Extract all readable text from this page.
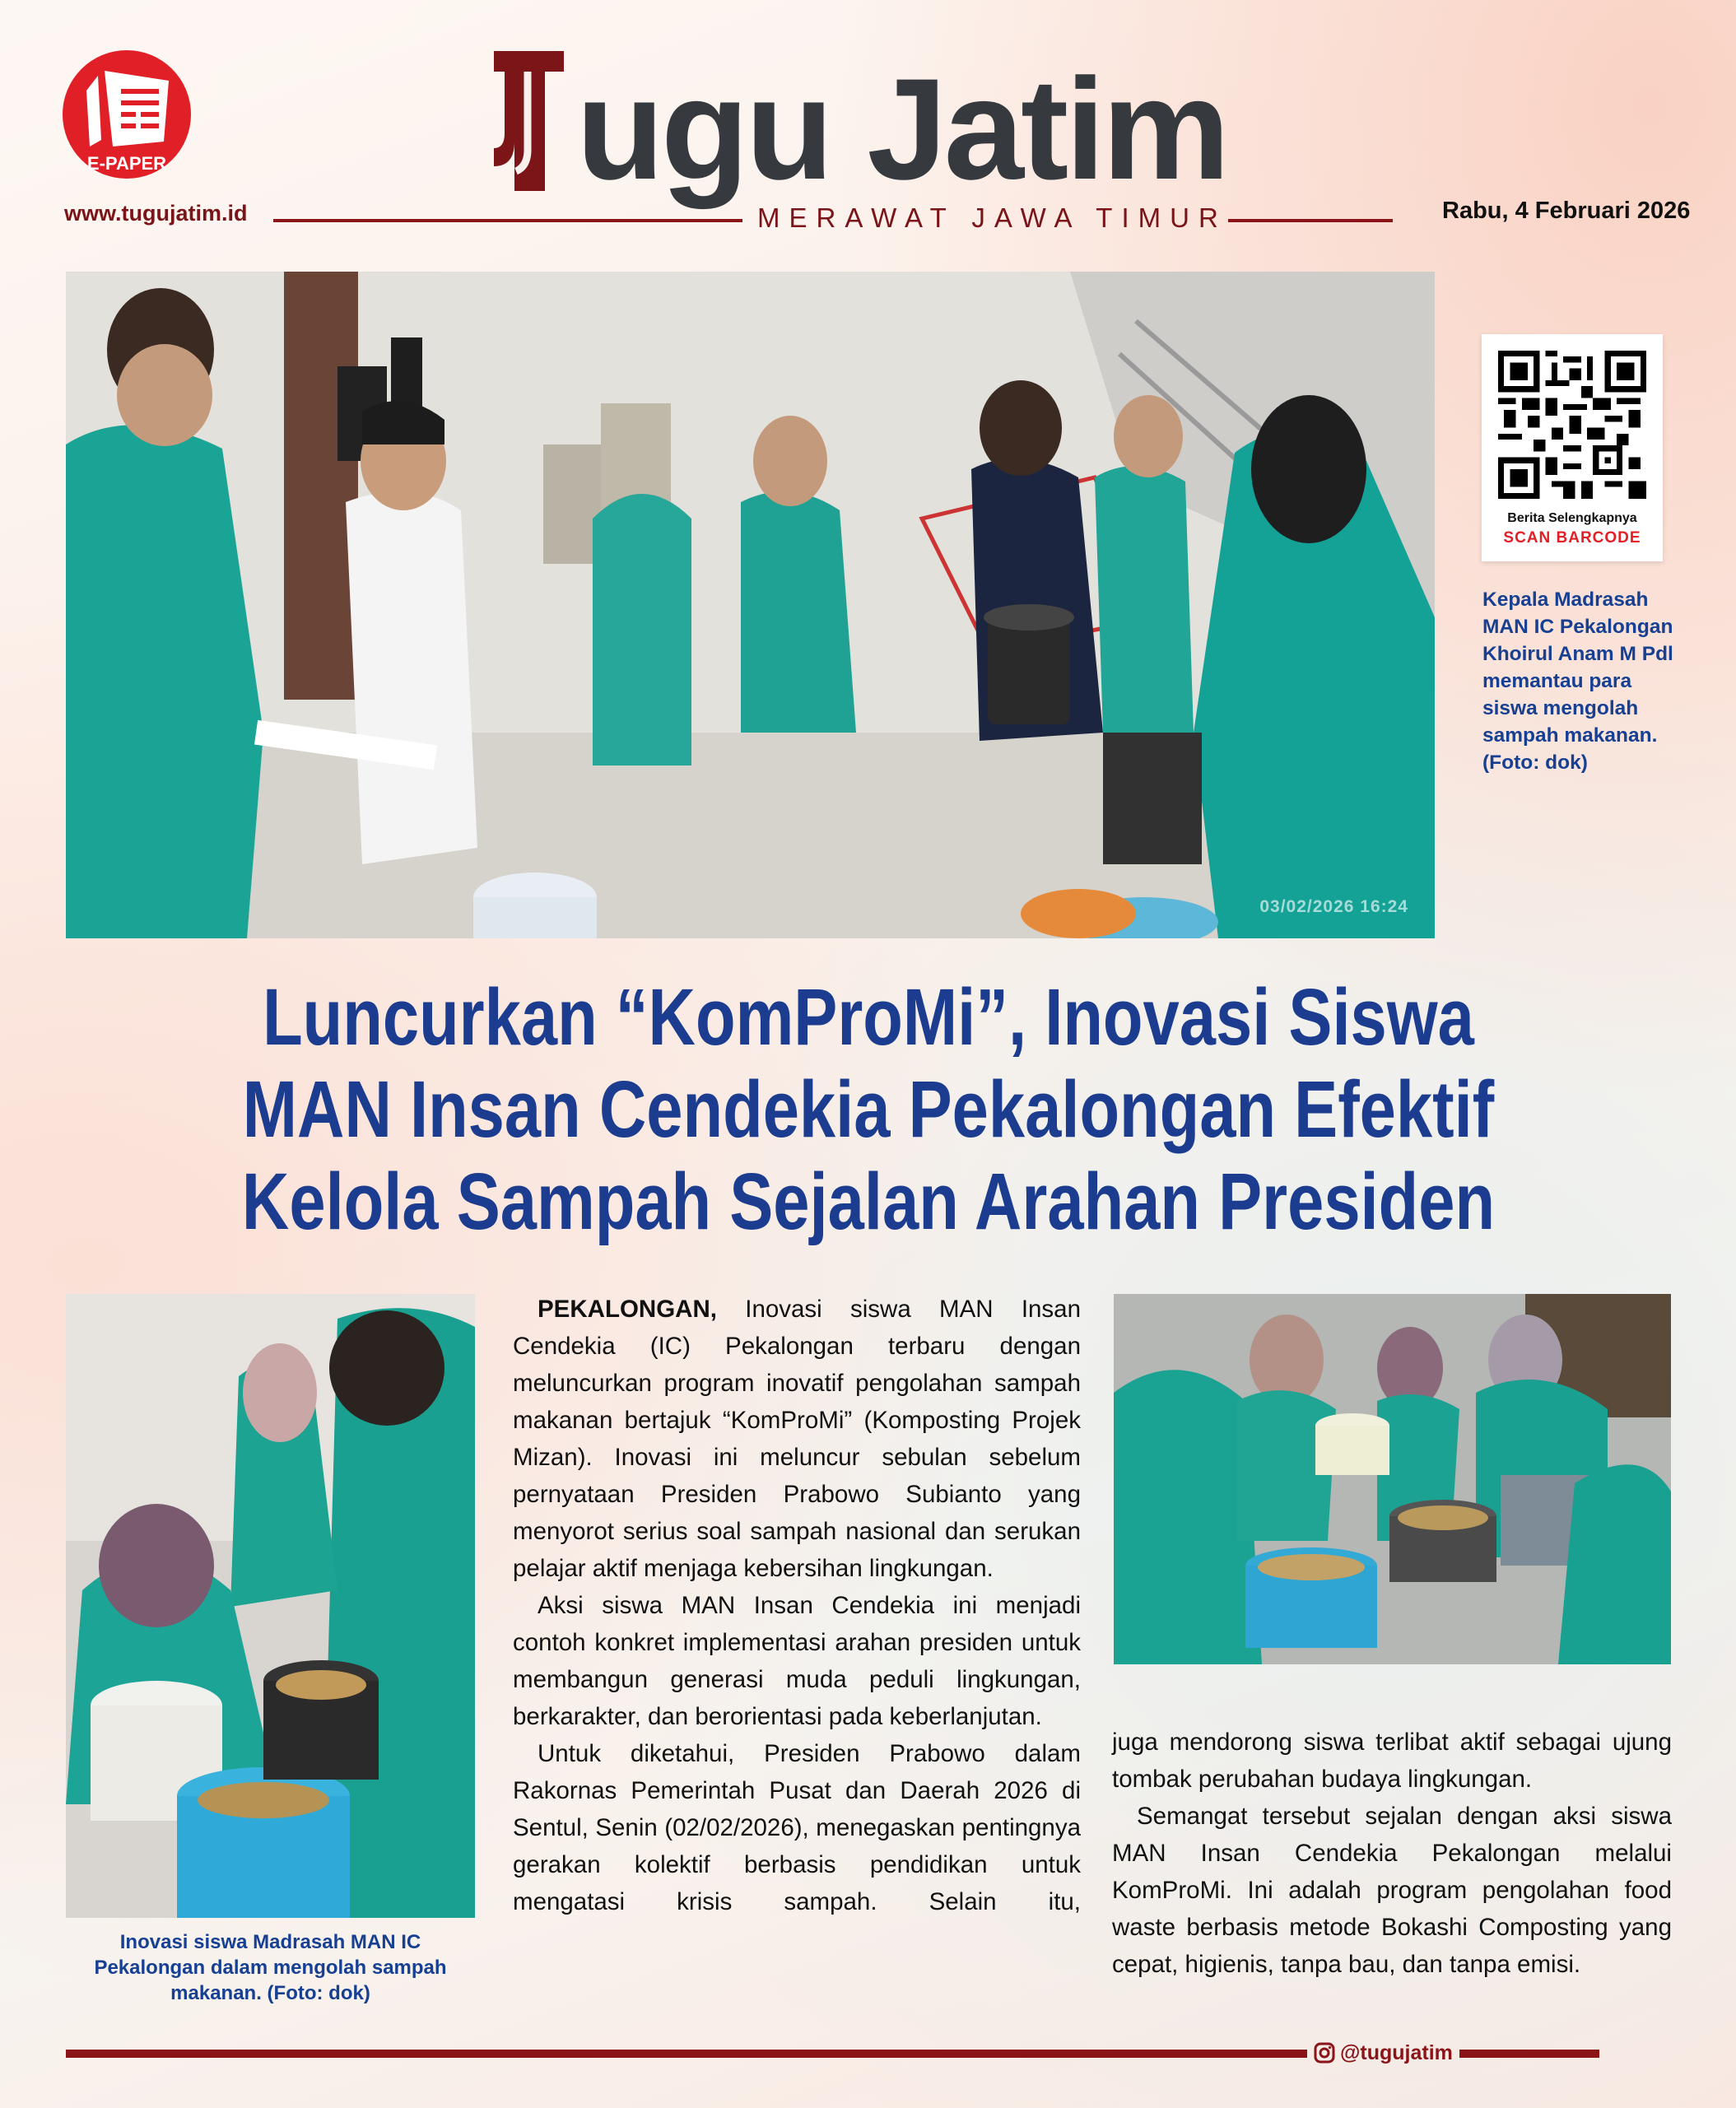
E-PAPER
www.tugujatim.id
ugu Jatim
MERAWAT JAWA TIMUR	Rabu, 4 Februari 2026
03/02/2026 16:24
Berita Selengkapnya
SCAN BARCODE
Kepala Madrasah MAN IC Pekalongan Khoirul Anam M Pdl memantau para siswa mengolah sampah makanan. (Foto: dok)
Luncurkan “KomProMi”, Inovasi Siswa
MAN Insan Cendekia Pekalongan Efektif
Kelola Sampah Sejalan Arahan Presiden
Inovasi siswa Madrasah MAN IC Pekalongan dalam mengolah sampah makanan. (Foto: dok)

PEKALONGAN, Inovasi siswa MAN Insan Cendekia (IC) Pekalongan terbaru dengan meluncurkan program inovatif pengolahan sampah makanan bertajuk “KomProMi” (Komposting Projek Mizan). Inovasi ini meluncur sebulan sebelum pernyataan Presiden Prabowo Subianto yang menyorot serius soal sampah nasional dan serukan pelajar aktif menjaga kebersihan lingkungan.

Aksi siswa MAN Insan Cendekia ini menjadi contoh konkret implementasi arahan presiden untuk membangun generasi muda peduli lingkungan, berkarakter, dan berorientasi pada keberlanjutan.

Untuk diketahui, Presiden Prabowo dalam Rakornas Pemerintah Pusat dan Daerah 2026 di Sentul, Senin (02/02/2026), menegaskan pentingnya gerakan kolektif berbasis pendidikan untuk mengatasi krisis sampah. Selain itu,

juga mendorong siswa terlibat aktif sebagai ujung tombak perubahan budaya lingkungan.

Semangat tersebut sejalan dengan aksi siswa MAN Insan Cendekia Pekalongan melalui KomProMi. Ini adalah program pengolahan food waste berbasis metode Bokashi Composting yang cepat, higienis, tanpa bau, dan tanpa emisi.

@tugujatim
